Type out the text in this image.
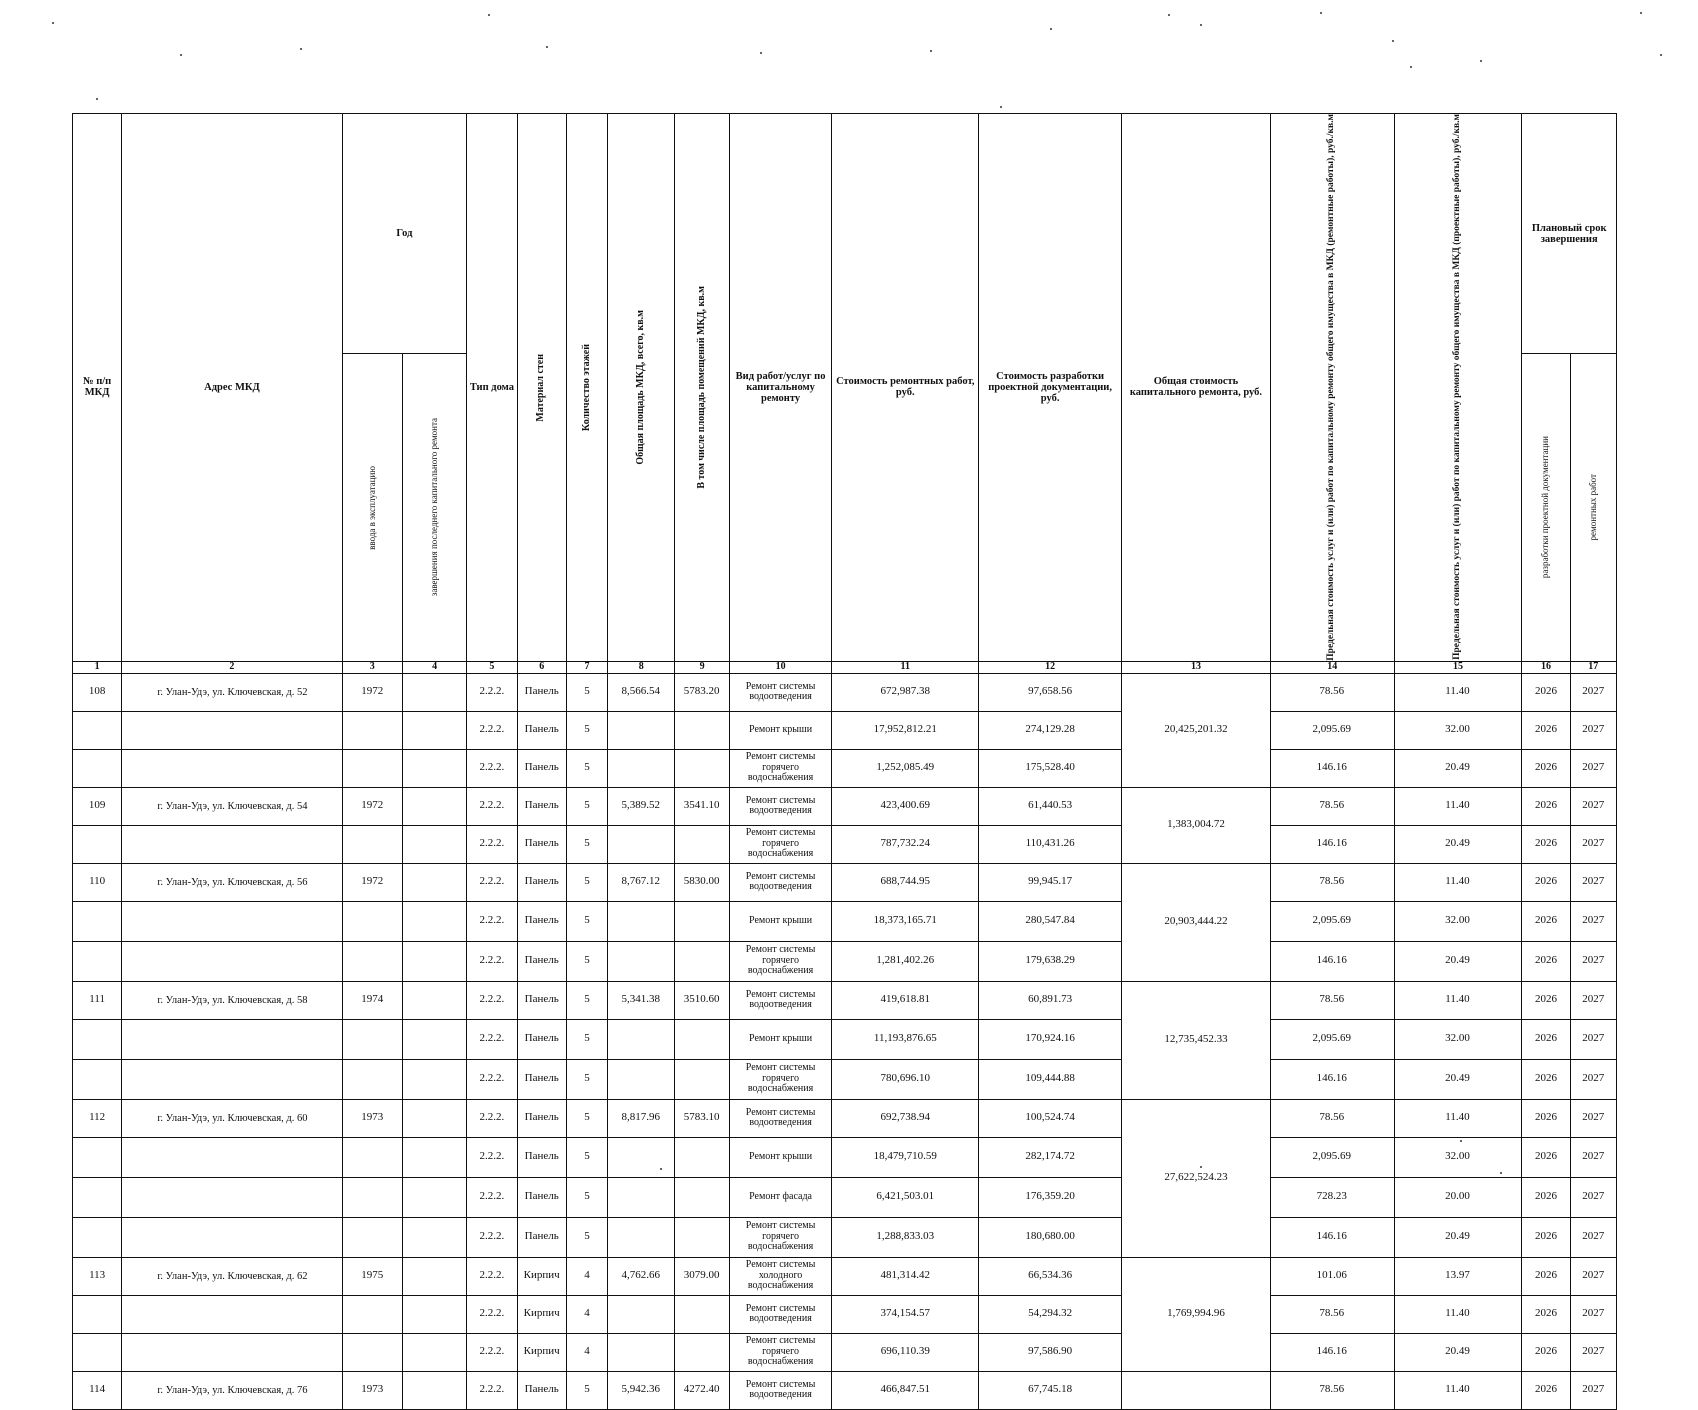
№ п/п МКД	Адрес МКД	Год		Тип дома	Материал стен	Количество этажей	Общая площадь МКД, всего, кв.м	В том числе площадь помещений МКД, кв.м	Вид работ/услуг по капитальному ремонту	Стоимость ремонтных работ, руб.	Стоимость разработки проектной документации, руб.	Общая стоимость капитального ремонта, руб.	Предельная стоимость услуг и (или) работ по капитальному ремонту общего имущества в МКД (ремонтные работы), руб./кв.м	Предельная стоимость услуг и (или) работ по капитальному ремонту общего имущества в МКД (проектные работы), руб./кв.м	Плановый срок завершения	

		ввода в эксплуатацию	завершения последнего капитального ремонта												разработки проектной документации	ремонтных работ

1	2	3	4	5	6	7	8	9	10	11	12	13	14	15	16	17
108	г. Улан-Удэ, ул. Ключевская, д. 52	1972		2.2.2.	Панель	5	8,566.54	5783.20	Ремонт системы водоотведения	672,987.38	97,658.56	20,425,201.32	78.56	11.40	2026	2027
				2.2.2.	Панель	5			Ремонт крыши	17,952,812.21	274,129.28		2,095.69	32.00	2026	2027
				2.2.2.	Панель	5			Ремонт системы горячего водоснабжения	1,252,085.49	175,528.40		146.16	20.49	2026	2027
109	г. Улан-Удэ, ул. Ключевская, д. 54	1972		2.2.2.	Панель	5	5,389.52	3541.10	Ремонт системы водоотведения	423,400.69	61,440.53	1,383,004.72	78.56	11.40	2026	2027
				2.2.2.	Панель	5			Ремонт системы горячего водоснабжения	787,732.24	110,431.26		146.16	20.49	2026	2027
110	г. Улан-Удэ, ул. Ключевская, д. 56	1972		2.2.2.	Панель	5	8,767.12	5830.00	Ремонт системы водоотведения	688,744.95	99,945.17	20,903,444.22	78.56	11.40	2026	2027
				2.2.2.	Панель	5			Ремонт крыши	18,373,165.71	280,547.84		2,095.69	32.00	2026	2027
				2.2.2.	Панель	5			Ремонт системы горячего водоснабжения	1,281,402.26	179,638.29		146.16	20.49	2026	2027
111	г. Улан-Удэ, ул. Ключевская, д. 58	1974		2.2.2.	Панель	5	5,341.38	3510.60	Ремонт системы водоотведения	419,618.81	60,891.73	12,735,452.33	78.56	11.40	2026	2027
				2.2.2.	Панель	5			Ремонт крыши	11,193,876.65	170,924.16		2,095.69	32.00	2026	2027
				2.2.2.	Панель	5			Ремонт системы горячего водоснабжения	780,696.10	109,444.88		146.16	20.49	2026	2027
112	г. Улан-Удэ, ул. Ключевская, д. 60	1973		2.2.2.	Панель	5	8,817.96	5783.10	Ремонт системы водоотведения	692,738.94	100,524.74	27,622,524.23	78.56	11.40	2026	2027
				2.2.2.	Панель	5			Ремонт крыши	18,479,710.59	282,174.72		2,095.69	32.00	2026	2027
				2.2.2.	Панель	5			Ремонт фасада	6,421,503.01	176,359.20		728.23	20.00	2026	2027
				2.2.2.	Панель	5			Ремонт системы горячего водоснабжения	1,288,833.03	180,680.00		146.16	20.49	2026	2027
113	г. Улан-Удэ, ул. Ключевская, д. 62	1975		2.2.2.	Кирпич	4	4,762.66	3079.00	Ремонт системы холодного водоснабжения	481,314.42	66,534.36	1,769,994.96	101.06	13.97	2026	2027
				2.2.2.	Кирпич	4			Ремонт системы водоотведения	374,154.57	54,294.32		78.56	11.40	2026	2027
				2.2.2.	Кирпич	4			Ремонт системы горячего водоснабжения	696,110.39	97,586.90		146.16	20.49	2026	2027
114	г. Улан-Удэ, ул. Ключевская, д. 76	1973		2.2.2.	Панель	5	5,942.36	4272.40	Ремонт системы водоотведения	466,847.51	67,745.18		78.56	11.40	2026	2027
